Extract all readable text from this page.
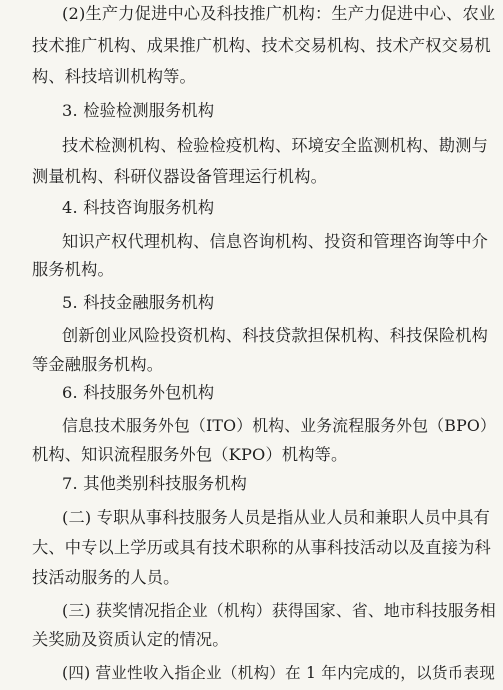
(2)生产力促进中心及科技推广机构：生产力促进中心、农业
技术推广机构、成果推广机构、技术交易机构、技术产权交易机
构、科技培训机构等。
3. 检验检测服务机构
技术检测机构、检验检疫机构、环境安全监测机构、勘测与
测量机构、科研仪器设备管理运行机构。
4. 科技咨询服务机构
知识产权代理机构、信息咨询机构、投资和管理咨询等中介
服务机构。
5. 科技金融服务机构
创新创业风险投资机构、科技贷款担保机构、科技保险机构
等金融服务机构。
6. 科技服务外包机构
信息技术服务外包（ITO）机构、业务流程服务外包（BPO）
机构、知识流程服务外包（KPO）机构等。
7. 其他类别科技服务机构
(二) 专职从事科技服务人员是指从业人员和兼职人员中具有
大、中专以上学历或具有技术职称的从事科技活动以及直接为科
技活动服务的人员。
(三) 获奖情况指企业（机构）获得国家、省、地市科技服务相
关奖励及资质认定的情况。
(四) 营业性收入指企业（机构）在 1 年内完成的，以货币表现
